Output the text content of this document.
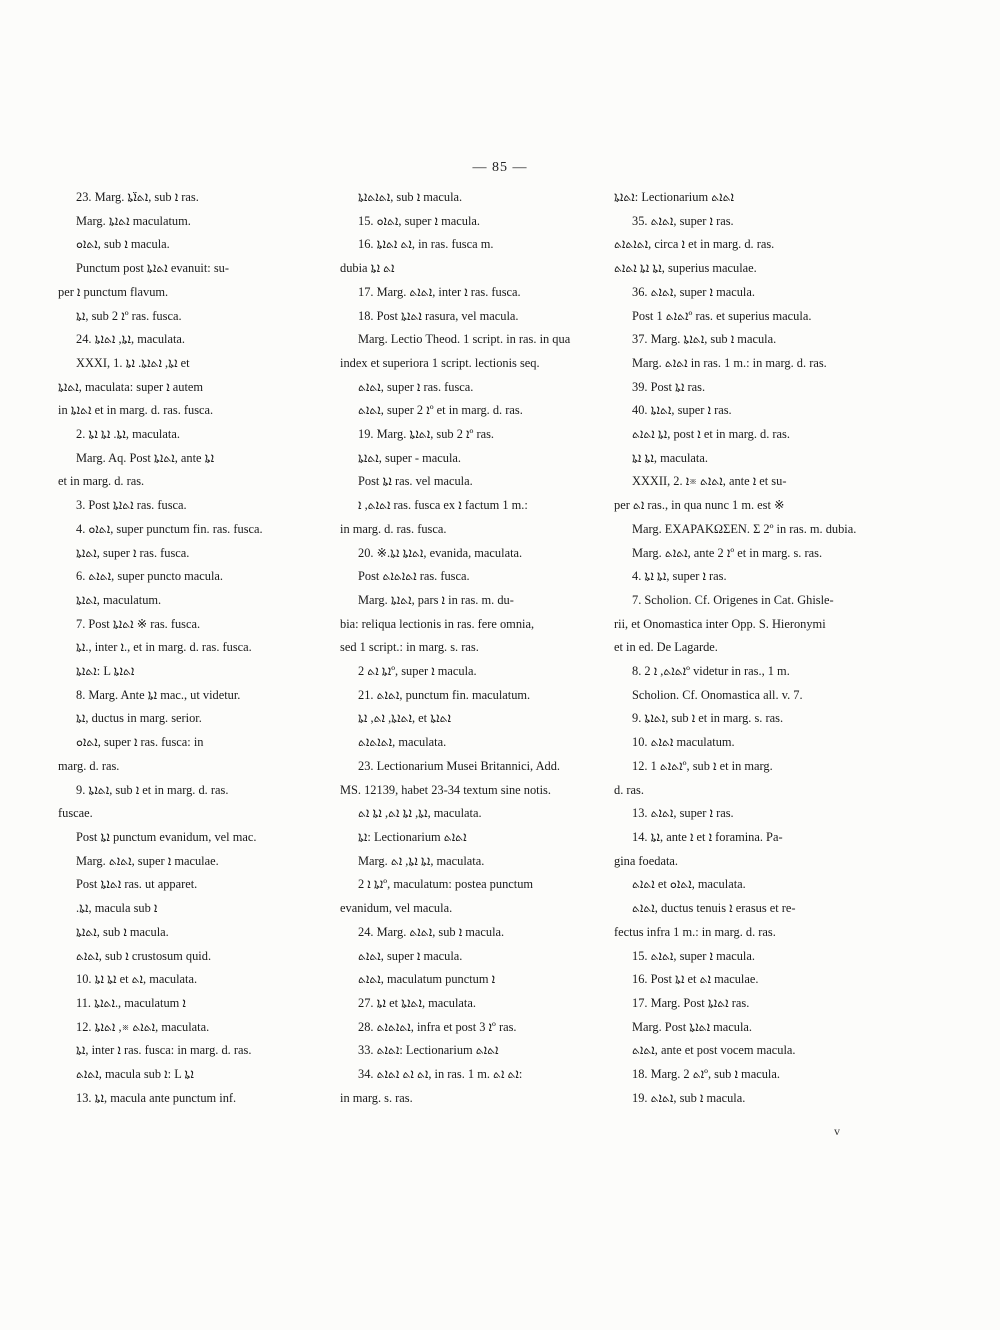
— 85 —
23. Marg. ܐܬܐ̈ܬܐ, sub ܐ ras.
Marg. ܐܬܐܬܐ maculatum.
ܐܬܐܘ, sub ܐ macula.
Punctum post ܐܬܐܬܐ evanuit: su-
per ܐ punctum flavum.
ܐܬܐ, sub ܐ 2º ras. fusca.
24. ܐܬܐ, ܐܬܐܬܐ, maculata.
XXXI, 1. ܐܬܐ, ܐܬܐܬܐ. ܐܬܐ et
ܐܬܐܬܐ, maculata: super ܐ autem
in ܐܬܐܬܐ et in marg. d. ras. fusca.
2. ܐܬܐ. ܐܬܐ ܐܬܐ, maculata.
Marg. Aq. Post ܐܬܐܬܐ, ante ܐܬܐ
et in marg. d. ras.
3. Post ܐܬܐܬܐ ras. fusca.
4. ܐܬܐܘ, super punctum fin. ras. fusca.
ܐܬܐܬܐ, super ܐ ras. fusca.
6. ܐܬܐܬ, super puncto macula.
ܐܬܐܬܐ, maculatum.
7. Post ܐܬܐܬܐ ※ ras. fusca.
ܐܬܐ., inter ܐ., et in marg. d. ras. fusca.
ܐܬܐܬܐ: L ܐܬܐܬܐ
8. Marg. Ante ܐܬܐ mac., ut videtur.
ܐܬܐ, ductus in marg. serior.
ܐܬܐܘ, super ܐ ras. fusca: in
marg. d. ras.
9. ܐܬܐܬܐ, sub ܐ et in marg. d. ras.
fuscae.
Post ܐܬܐ punctum evanidum, vel mac.
Marg. ܐܬܐܬ, super ܐ maculae.
Post ܐܬܐܬܐ ras. ut apparet.
.ܐܬܐ, macula sub ܐ
ܐܬܐܬܐ, sub ܐ macula.
ܐܬܐܬ, sub ܐ crustosum quid.
10. ܐܬܐ ܐܬܐ et ܐܬ, maculata.
11. ܐܬܐܬܐ., maculatum ܐ
12. ܐܬܐܬ ※, ܐܬܐܬܐ, maculata.
ܐܬܐ, inter ܐ ras. fusca: in marg. d. ras.
ܐܬܐܬ, macula sub ܐ: L ܐܬܐ
13. ܐܬܐ, macula ante punctum inf.
ܐܬܐܬܐܬܐ, sub ܐ macula.
15. ܐܬܐܘ, super ܐ macula.
16. ܐܬ ܐܬܐܬܐ, in ras. fusca m.
dubia ܐܬ ܐܬܐ
17. Marg. ܐܬܐܬ, inter ܐ ras. fusca.
18. Post ܐܬܐܬܐ rasura, vel macula.
Marg. Lectio Theod. 1 script. in ras. in qua
index et superiora 1 script. lectionis seq.
ܐܬܐܬ, super ܐ ras. fusca.
ܐܬܐܬ, super ܐ 2º et in marg. d. ras.
19. Marg. ܐܬܐܬܐ, sub ܐ 2º ras.
ܐܬܐܬܐ, super - macula.
Post ܐܬܐ ras. vel macula.
ܐܬܐܬ, ܐ ras. fusca ex ܐ factum 1 m.:
in marg. d. ras. fusca.
20. ※.ܐܬܐܬܐ ܐܬܐ, evanida, maculata.
Post ܐܬܐܬܐܬ ras. fusca.
Marg. ܐܬܐܬܐ, pars ܐ in ras. m. du-
bia: reliqua lectionis in ras. fere omnia,
sed 1 script.: in marg. s. ras.
ܐܬܐ ܐܬ 2º, super ܐ macula.
21. ܐܬܐܬ, punctum fin. maculatum.
ܐܬܐܬܐ, ܐܬ, ܐܬܐ, et ܐܬܐܬܐ
ܐܬܐܬܐܬ, maculata.
23. Lectionarium Musei Britannici, Add.
MS. 12139, habet 23-34 textum sine notis.
ܐܬܐ, ܐܬܐ ܐܬ, ܐܬܐ ܐܬ, maculata.
ܐܬܐ: Lectionarium ܐܬܐܬ
Marg. ܐܬܐ ܐܬܐ, ܐܬ, maculata.
ܐܬܐ ܐ 2º, maculatum: postea punctum
evanidum, vel macula.
24. Marg. ܐܬܐܬ, sub ܐ macula.
ܐܬܐܬ, super ܐ macula.
ܐܬܐܬ, maculatum punctum ܐ
27. ܐܬܐ et ܐܬܐܬܐ, maculata.
28. ܐܬܐܬܐܬ, infra et post ܐ 3º ras.
33. ܐܬܐܬ: Lectionarium ܐܬܐܬ
34. ܐܬ ܐܬ ܐܬܐܬ, in ras. 1 m. ܐܬ ܐܬ:
in marg. s. ras.
ܐܬܐܬܐ: Lectionarium ܐܬܐܬ
35. ܐܬܐܬ, super ܐ ras.
ܐܬܐܬܐܬ, circa ܐ et in marg. d. ras.
ܐܬܐ ܐܬܐ ܐܬܐܬ, superius maculae.
36. ܐܬܐܬ, super ܐ macula.
Post ܐܬܐܬ 1º ras. et superius macula.
37. Marg. ܐܬܐܬܐ, sub ܐ macula.
Marg. ܐܬܐܬ in ras. 1 m.: in marg. d. ras.
39. Post ܐܬܐ ras.
40. ܐܬܐܬܐ, super ܐ ras.
ܐܬܐ ܐܬܐܬ, post ܐ et in marg. d. ras.
ܐܬܐ ܐܬܐ, maculata.
XXXII, 2. ܐܬܐܬ ※ܐ, ante ܐ et su-
per ܐܬ ras., in qua nunc 1 m. est ※
Marg. ΕΧΑΡΑΚΩΣΕΝ. Σ 2º in ras. m. dubia.
Marg. ܐܬܐܬ, ante ܐ 2º et in marg. s. ras.
4. ܐܬܐ ܐܬܐ, super ܐ ras.
7. Scholion. Cf. Origenes in Cat. Ghisle-
rii, et Onomastica inter Opp. S. Hieronymi
et in ed. De Lagarde.
8. ܐܬܐܬ, ܐ 2º videtur in ras., 1 m.
Scholion. Cf. Onomastica all. v. 7.
9. ܐܬܐܬܐ, sub ܐ et in marg. s. ras.
10. ܐܬܐܬ maculatum.
12. ܐܬܐܬ 1º, sub ܐ et in marg.
d. ras.
13. ܐܬܐܬ, super ܐ ras.
14. ܐܬܐ, ante ܐ et ܐ foramina. Pa-
gina foedata.
ܐܬܐܬ et ܐܬܐܘ, maculata.
ܐܬܐܬ, ductus tenuis ܐ erasus et re-
fectus infra 1 m.: in marg. d. ras.
15. ܐܬܐܬ, super ܐ macula.
16. Post ܐܬܐ et ܐܬ maculae.
17. Marg. Post ܐܬܐܬܐ ras.
Marg. Post ܐܬܐܬܐ macula.
ܐܬܐܬ, ante et post vocem macula.
18. Marg. ܐܬ 2º, sub ܐ macula.
19. ܐܬܐܬ, sub ܐ macula.
v
